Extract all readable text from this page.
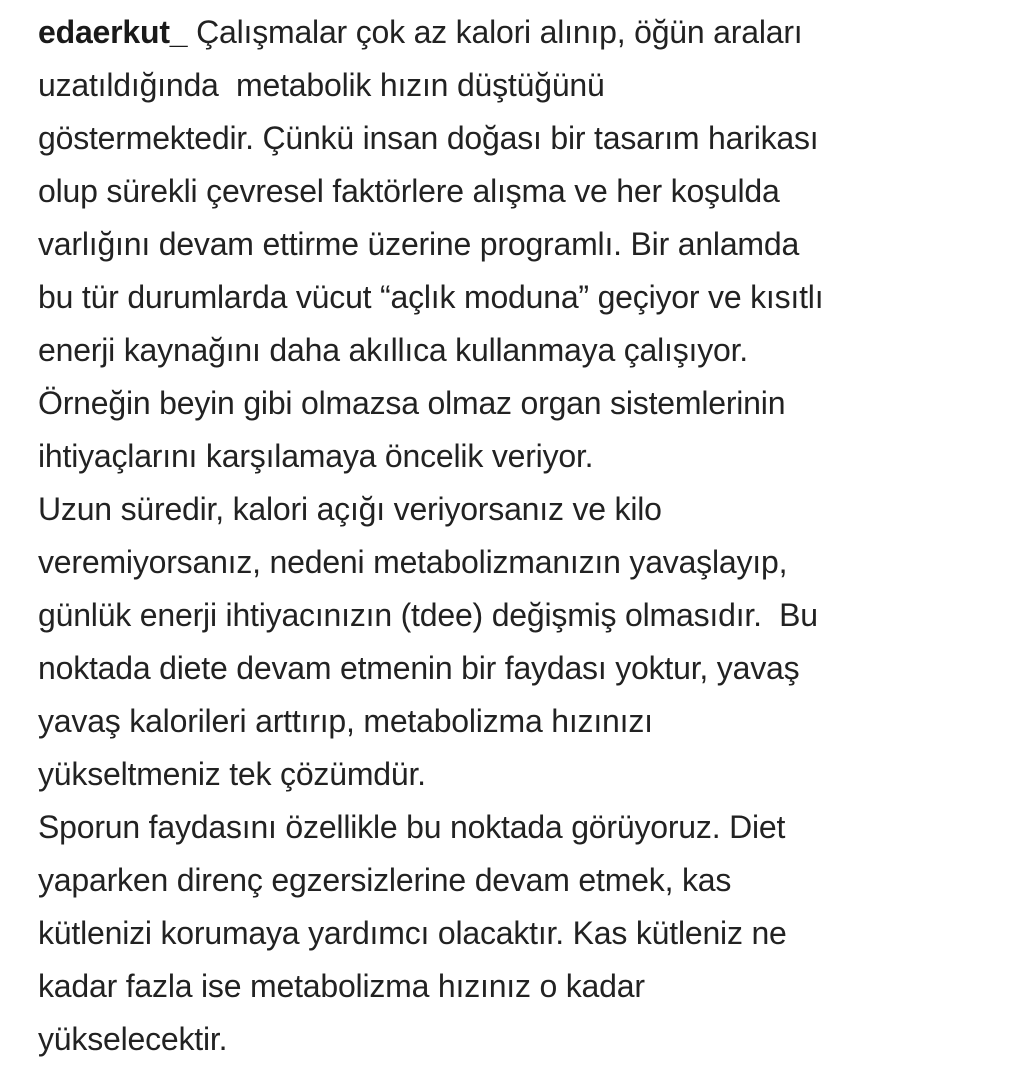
edaerkut_ Çalışmalar çok az kalori alınıp, öğün araları
uzatıldığında  metabolik hızın düştüğünü
göstermektedir. Çünkü insan doğası bir tasarım harikası
olup sürekli çevresel faktörlere alışma ve her koşulda
varlığını devam ettirme üzerine programlı. Bir anlamda
bu tür durumlarda vücut “açlık moduna” geçiyor ve kısıtlı
enerji kaynağını daha akıllıca kullanmaya çalışıyor.
Örneğin beyin gibi olmazsa olmaz organ sistemlerinin
ihtiyaçlarını karşılamaya öncelik veriyor.
Uzun süredir, kalori açığı veriyorsanız ve kilo
veremiyorsanız, nedeni metabolizmanızın yavaşlayıp,
günlük enerji ihtiyacınızın (tdee) değişmiş olmasıdır.  Bu
noktada diete devam etmenin bir faydası yoktur, yavaş
yavaş kalorileri arttırıp, metabolizma hızınızı
yükseltmeniz tek çözümdür.
Sporun faydasını özellikle bu noktada görüyoruz. Diet
yaparken direnç egzersizlerine devam etmek, kas
kütlenizi korumaya yardımcı olacaktır. Kas kütleniz ne
kadar fazla ise metabolizma hızınız o kadar
yükselecektir.
